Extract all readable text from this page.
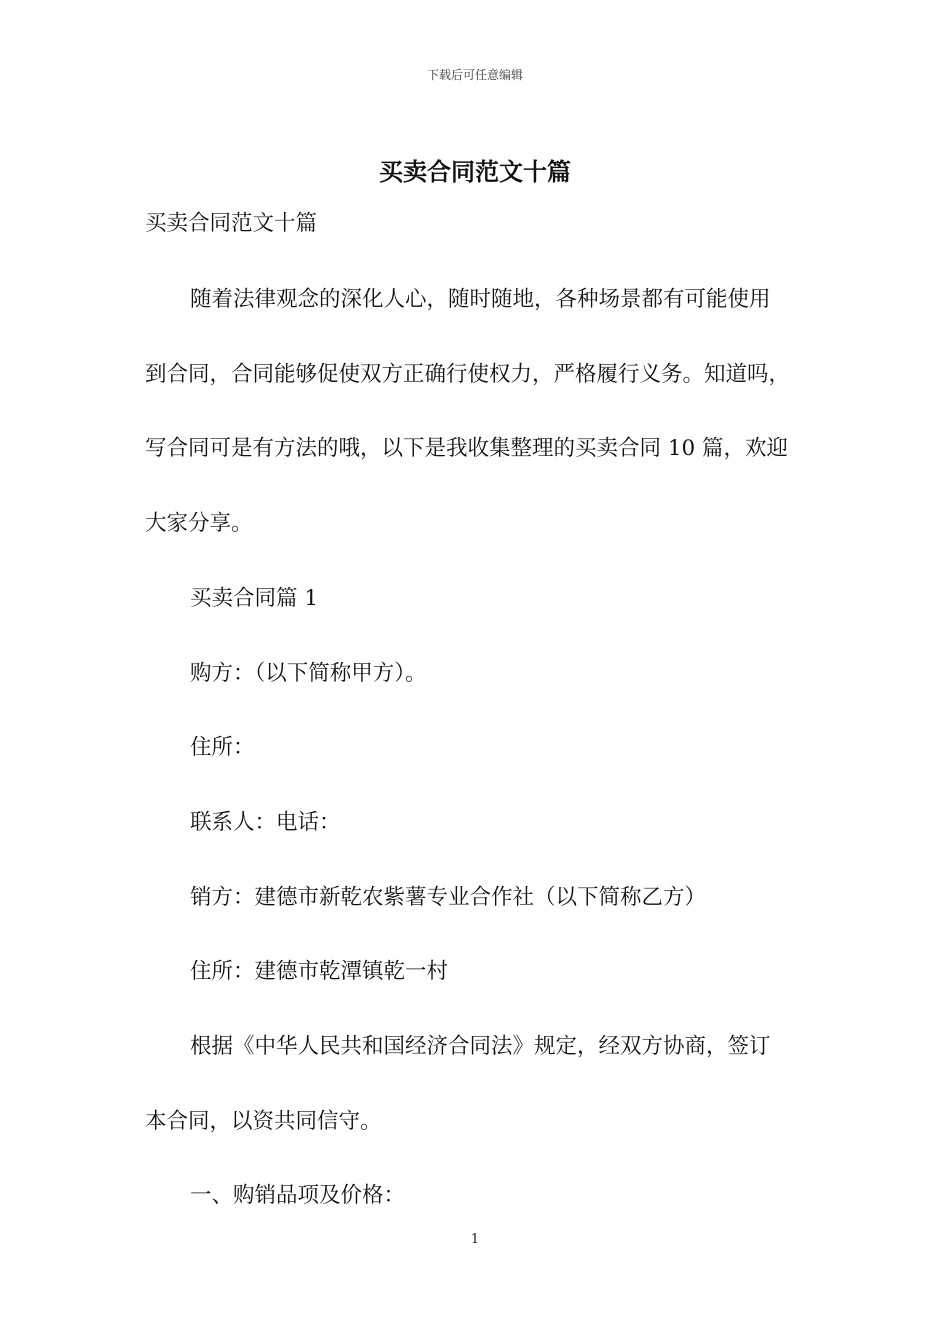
下载后可任意编辑
买卖合同范文十篇
买卖合同范文十篇
随着法律观念的深化人心，随时随地，各种场景都有可能使用
到合同，合同能够促使双方正确行使权力，严格履行义务。知道吗，
写合同可是有方法的哦，以下是我收集整理的买卖合同 10 篇，欢迎
大家分享。
买卖合同篇 1
购方：（以下简称甲方）。
住所：
联系人：电话：
销方：建德市新乾农紫薯专业合作社（以下简称乙方）
住所：建德市乾潭镇乾一村
根据《中华人民共和国经济合同法》规定，经双方协商，签订
本合同，以资共同信守。
一、购销品项及价格：
1
